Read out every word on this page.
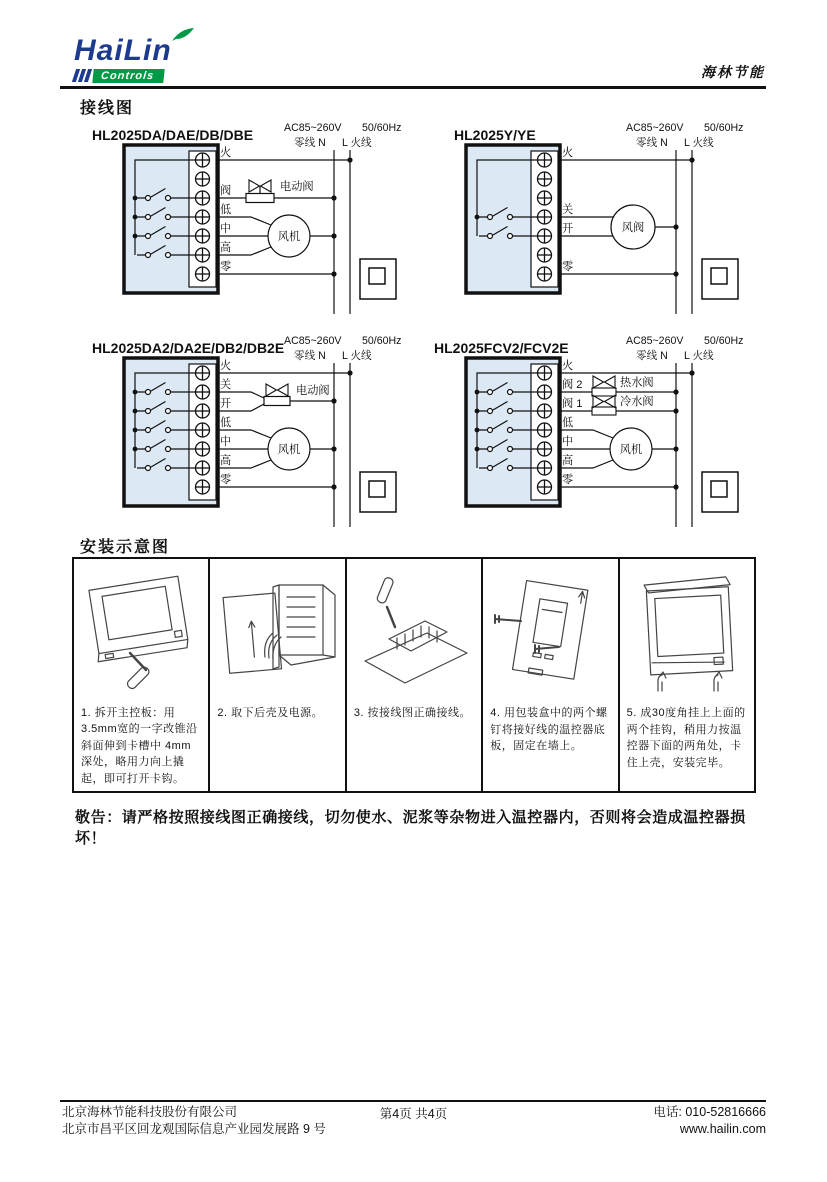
HaiLin
Controls	海林节能
接线图
HL2025DA/DAE/DB/DBE	AC85~260V 50/60Hz
零线 N L 火线
火
阀
低
中
高
零
电动阀
风机
HL2025Y/YE	AC85~260V 50/60Hz
零线 N L 火线
火
关
开
零
风阀
HL2025DA2/DA2E/DB2/DB2E AC85~260V 50/60Hz
零线 N L 火线
火
关
开
低
中
高
零
电动阀
风机
HL2025FCV2/FCV2E	AC85~260V 50/60Hz
零线 N L 火线
火
阀 2
阀 1
低
中
高
零
热水阀
冷水阀
风机
安装示意图
1. 拆开主控板：用 3.5mm宽的一字改锥沿斜面伸到卡槽中 4mm 深处，略用力向上撬起，即可打开卡钩。
2. 取下后壳及电源。	3. 按接线图正确接线。	4. 用包装盒中的两个螺钉将接好线的温控器底板，固定在墙上。
5. 成30度角挂上上面的两个挂钩，稍用力按温控器下面的两角处，卡住上壳，安装完毕。
敬告：请严格按照接线图正确接线，切勿使水、泥浆等杂物进入温控器内，否则将会造成温控器损坏！
北京海林节能科技股份有限公司
北京市昌平区回龙观国际信息产业园发展路 9 号
第4页 共4页	电话: 010-52816666
www.hailin.com
